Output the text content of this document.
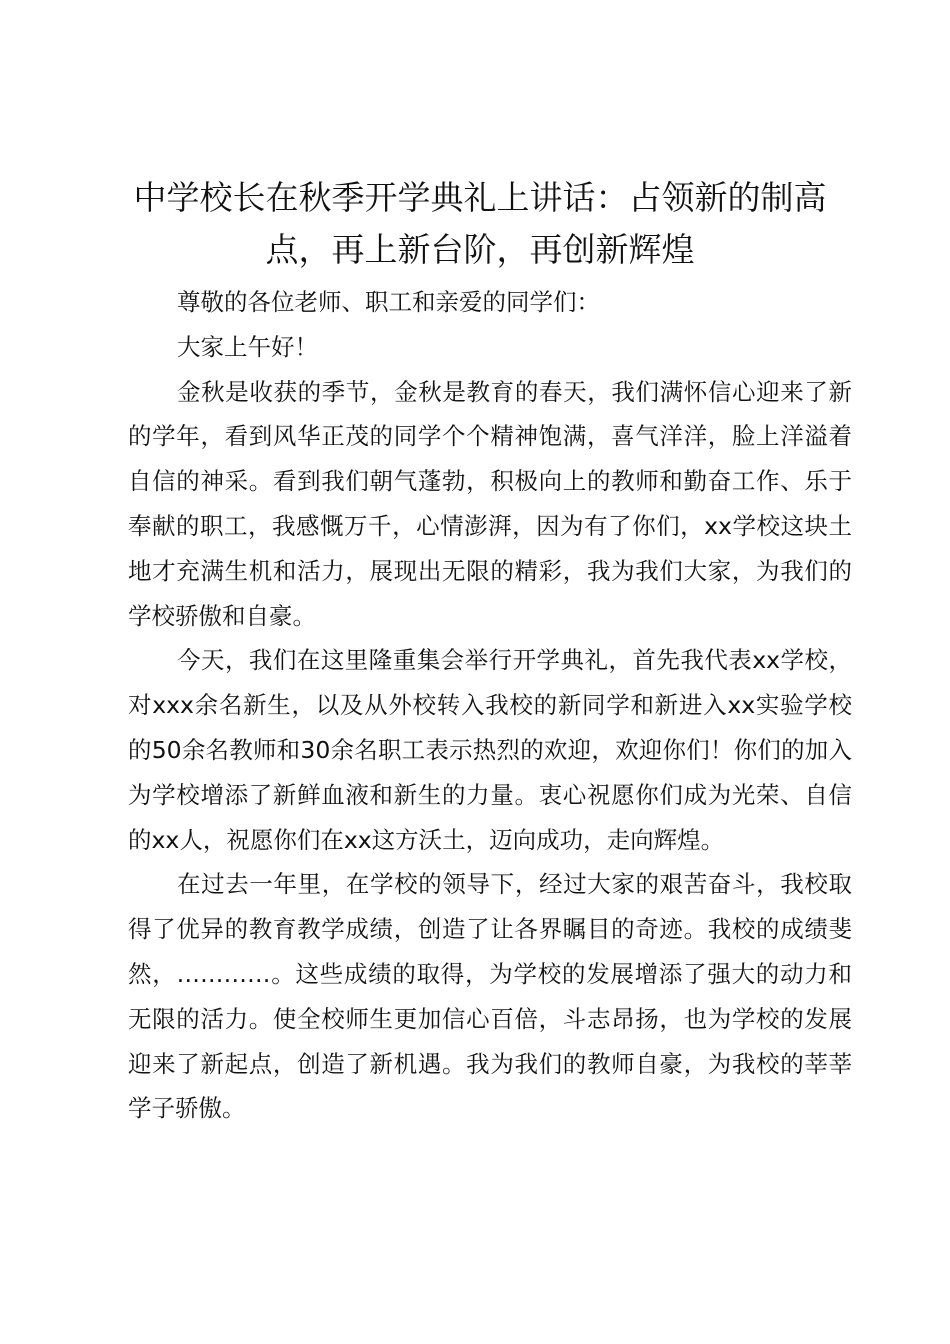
中学校长在秋季开学典礼上讲话：占领新的制高点，再上新台阶，再创新辉煌

尊敬的各位老师、职工和亲爱的同学们：

大家上午好！

金秋是收获的季节，金秋是教育的春天，我们满怀信心迎来了新的学年，看到风华正茂的同学个个精神饱满，喜气洋洋，脸上洋溢着自信的神采。看到我们朝气蓬勃，积极向上的教师和勤奋工作、乐于奉献的职工，我感慨万千，心情澎湃，因为有了你们，xx学校这块土地才充满生机和活力，展现出无限的精彩，我为我们大家，为我们的学校骄傲和自豪。

今天，我们在这里隆重集会举行开学典礼，首先我代表xx学校，对xxx余名新生，以及从外校转入我校的新同学和新进入xx实验学校的50余名教师和30余名职工表示热烈的欢迎，欢迎你们！你们的加入为学校增添了新鲜血液和新生的力量。衷心祝愿你们成为光荣、自信的xx人，祝愿你们在xx这方沃土，迈向成功，走向辉煌。

在过去一年里，在学校的领导下，经过大家的艰苦奋斗，我校取得了优异的教育教学成绩，创造了让各界瞩目的奇迹。我校的成绩斐然，…………。这些成绩的取得，为学校的发展增添了强大的动力和无限的活力。使全校师生更加信心百倍，斗志昂扬，也为学校的发展迎来了新起点，创造了新机遇。我为我们的教师自豪，为我校的莘莘学子骄傲。
